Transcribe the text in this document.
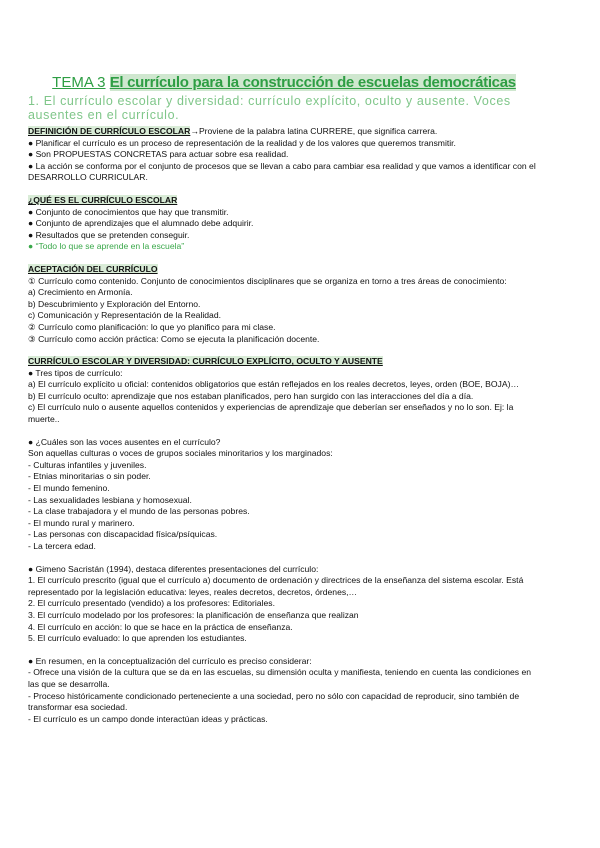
TEMA 3 El currículo para la construcción de escuelas democráticas
1. El currículo escolar y diversidad: currículo explícito, oculto y ausente. Voces ausentes en el currículo.
DEFINICIÓN DE CURRÍCULO ESCOLAR→Proviene de la palabra latina CURRERE, que significa carrera.
● Planificar el currículo es un proceso de representación de la realidad y de los valores que queremos transmitir.
● Son PROPUESTAS CONCRETAS para actuar sobre esa realidad.
● La acción se conforma por el conjunto de procesos que se llevan a cabo para cambiar esa realidad y que vamos a identificar con el DESARROLLO CURRICULAR.
¿QUÉ ES EL CURRÍCULO ESCOLAR
● Conjunto de conocimientos que hay que transmitir.
● Conjunto de aprendizajes que el alumnado debe adquirir.
● Resultados que se pretenden conseguir.
● “Todo lo que se aprende en la escuela”
ACEPTACIÓN DEL CURRÍCULO
① Currículo como contenido. Conjunto de conocimientos disciplinares que se organiza en torno a tres áreas de conocimiento:
a) Crecimiento en Armonía.
b) Descubrimiento y Exploración del Entorno.
c) Comunicación y Representación de la Realidad.
② Currículo como planificación: lo que yo planifico para mi clase.
③ Currículo como acción práctica: Como se ejecuta la planificación docente.
CURRÍCULO ESCOLAR Y DIVERSIDAD: CURRÍCULO EXPLÍCITO, OCULTO Y AUSENTE
● Tres tipos de currículo:
a) El currículo explícito u oficial: contenidos obligatorios que están reflejados en los reales decretos, leyes, orden (BOE, BOJA)…
b) El currículo oculto: aprendizaje que nos estaban planificados, pero han surgido con las interacciones del día a día.
c) El currículo nulo o ausente aquellos contenidos y experiencias de aprendizaje que deberían ser enseñados y no lo son. Ej: la muerte..
● ¿Cuáles son las voces ausentes en el currículo?
Son aquellas culturas o voces de grupos sociales minoritarios y los marginados:
- Culturas infantiles y juveniles.
- Etnias minoritarias o sin poder.
- El mundo femenino.
- Las sexualidades lesbiana y homosexual.
- La clase trabajadora y el mundo de las personas pobres.
- El mundo rural y marinero.
- Las personas con discapacidad física/psíquicas.
- La tercera edad.
● Gimeno Sacristán (1994), destaca diferentes presentaciones del currículo:
1. El currículo prescrito (igual que el currículo a) documento de ordenación y directrices de la enseñanza del sistema escolar. Está representado por la legislación educativa: leyes, reales decretos, decretos, órdenes,…
2. El currículo presentado (vendido) a los profesores: Editoriales.
3. El currículo modelado por los profesores: la planificación de enseñanza que realizan
4. El currículo en acción: lo que se hace en la práctica de enseñanza.
5. El currículo evaluado: lo que aprenden los estudiantes.
● En resumen, en la conceptualización del currículo es preciso considerar:
- Ofrece una visión de la cultura que se da en las escuelas, su dimensión oculta y manifiesta, teniendo en cuenta las condiciones en las que se desarrolla.
- Proceso históricamente condicionado perteneciente a una sociedad, pero no sólo con capacidad de reproducir, sino también de transformar esa sociedad.
- El currículo es un campo donde interactúan ideas y prácticas.
